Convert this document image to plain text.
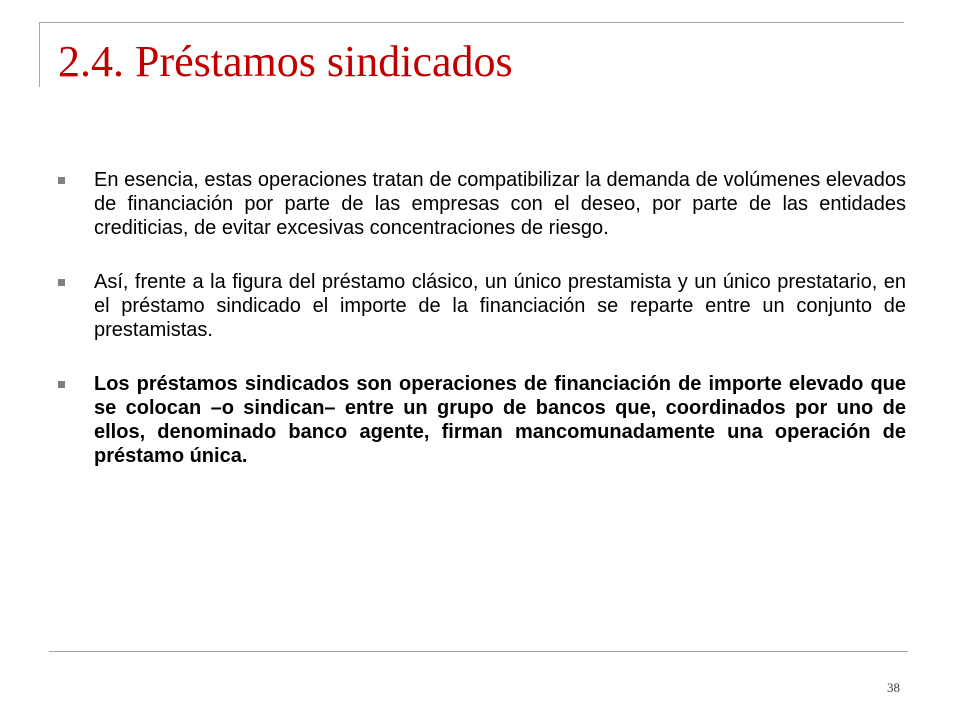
2.4. Préstamos sindicados
En esencia, estas operaciones tratan de compatibilizar la demanda de volúmenes elevados de financiación por parte de las empresas con el deseo, por parte de las entidades crediticias, de evitar excesivas concentraciones de riesgo.
Así, frente a la figura del préstamo clásico, un único prestamista y un único prestatario, en el préstamo sindicado el importe de la financiación se reparte entre un conjunto de prestamistas.
Los préstamos sindicados son operaciones de financiación de importe elevado que se colocan –o sindican– entre un grupo de bancos que, coordinados por uno de ellos, denominado banco agente, firman mancomunadamente una operación de préstamo única.
38
